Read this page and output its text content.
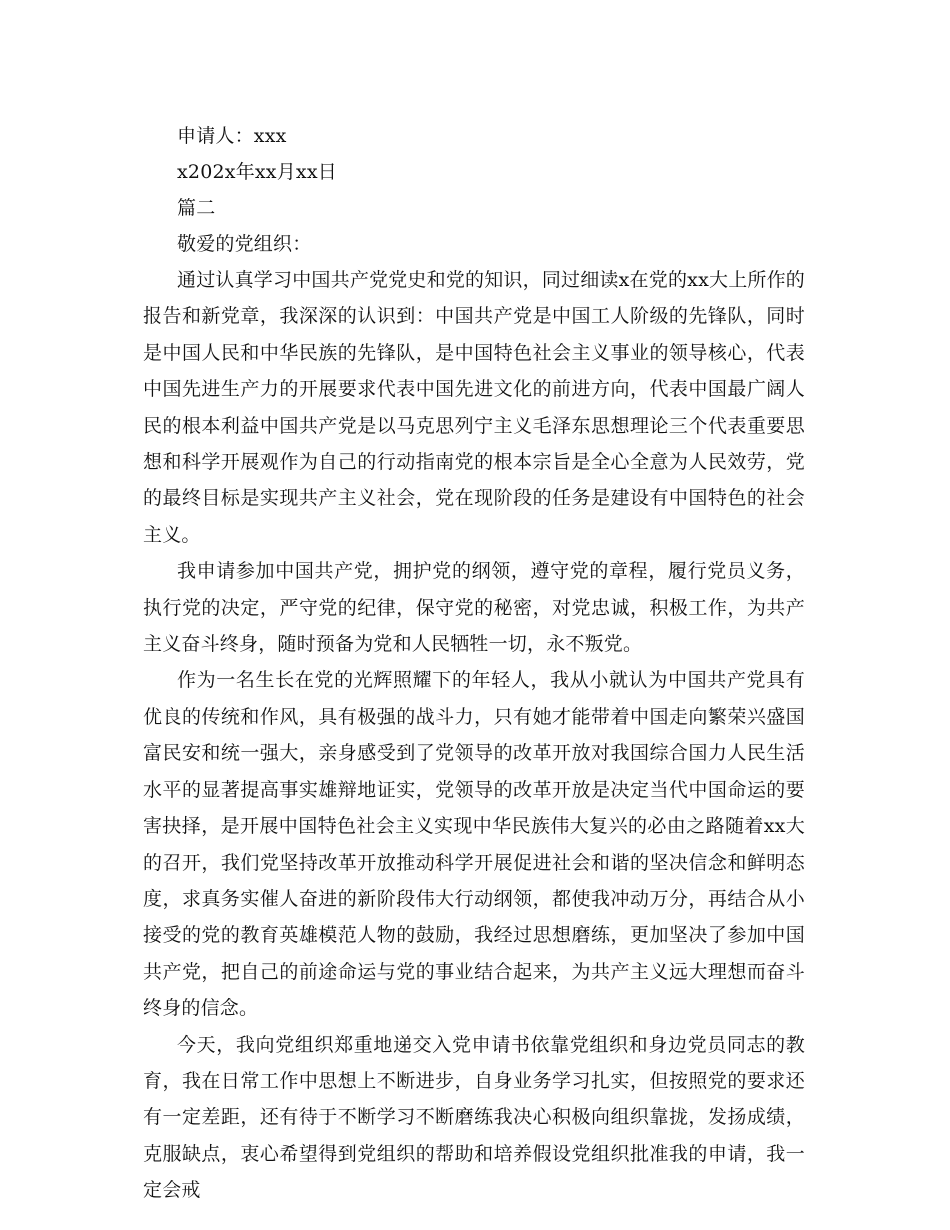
申请人：xxx

x202x年xx月xx日

篇二

敬爱的党组织：

通过认真学习中国共产党党史和党的知识，同过细读x在党的xx大上所作的报告和新党章，我深深的认识到：中国共产党是中国工人阶级的先锋队，同时是中国人民和中华民族的先锋队，是中国特色社会主义事业的领导核心，代表中国先进生产力的开展要求代表中国先进文化的前进方向，代表中国最广阔人民的根本利益中国共产党是以马克思列宁主义毛泽东思想理论三个代表重要思想和科学开展观作为自己的行动指南党的根本宗旨是全心全意为人民效劳，党的最终目标是实现共产主义社会，党在现阶段的任务是建设有中国特色的社会主义。

我申请参加中国共产党，拥护党的纲领，遵守党的章程，履行党员义务，执行党的决定，严守党的纪律，保守党的秘密，对党忠诚，积极工作，为共产主义奋斗终身，随时预备为党和人民牺牲一切，永不叛党。

作为一名生长在党的光辉照耀下的年轻人，我从小就认为中国共产党具有优良的传统和作风，具有极强的战斗力，只有她才能带着中国走向繁荣兴盛国富民安和统一强大，亲身感受到了党领导的改革开放对我国综合国力人民生活水平的显著提高事实雄辩地证实，党领导的改革开放是决定当代中国命运的要害抉择，是开展中国特色社会主义实现中华民族伟大复兴的必由之路随着xx大的召开，我们党坚持改革开放推动科学开展促进社会和谐的坚决信念和鲜明态度，求真务实催人奋进的新阶段伟大行动纲领，都使我冲动万分，再结合从小接受的党的教育英雄模范人物的鼓励，我经过思想磨练，更加坚决了参加中国共产党，把自己的前途命运与党的事业结合起来，为共产主义远大理想而奋斗终身的信念。

今天，我向党组织郑重地递交入党申请书依靠党组织和身边党员同志的教育，我在日常工作中思想上不断进步，自身业务学习扎实，但按照党的要求还有一定差距，还有待于不断学习不断磨练我决心积极向组织靠拢，发扬成绩，克服缺点，衷心希望得到党组织的帮助和培养假设党组织批准我的申请，我一定会戒
